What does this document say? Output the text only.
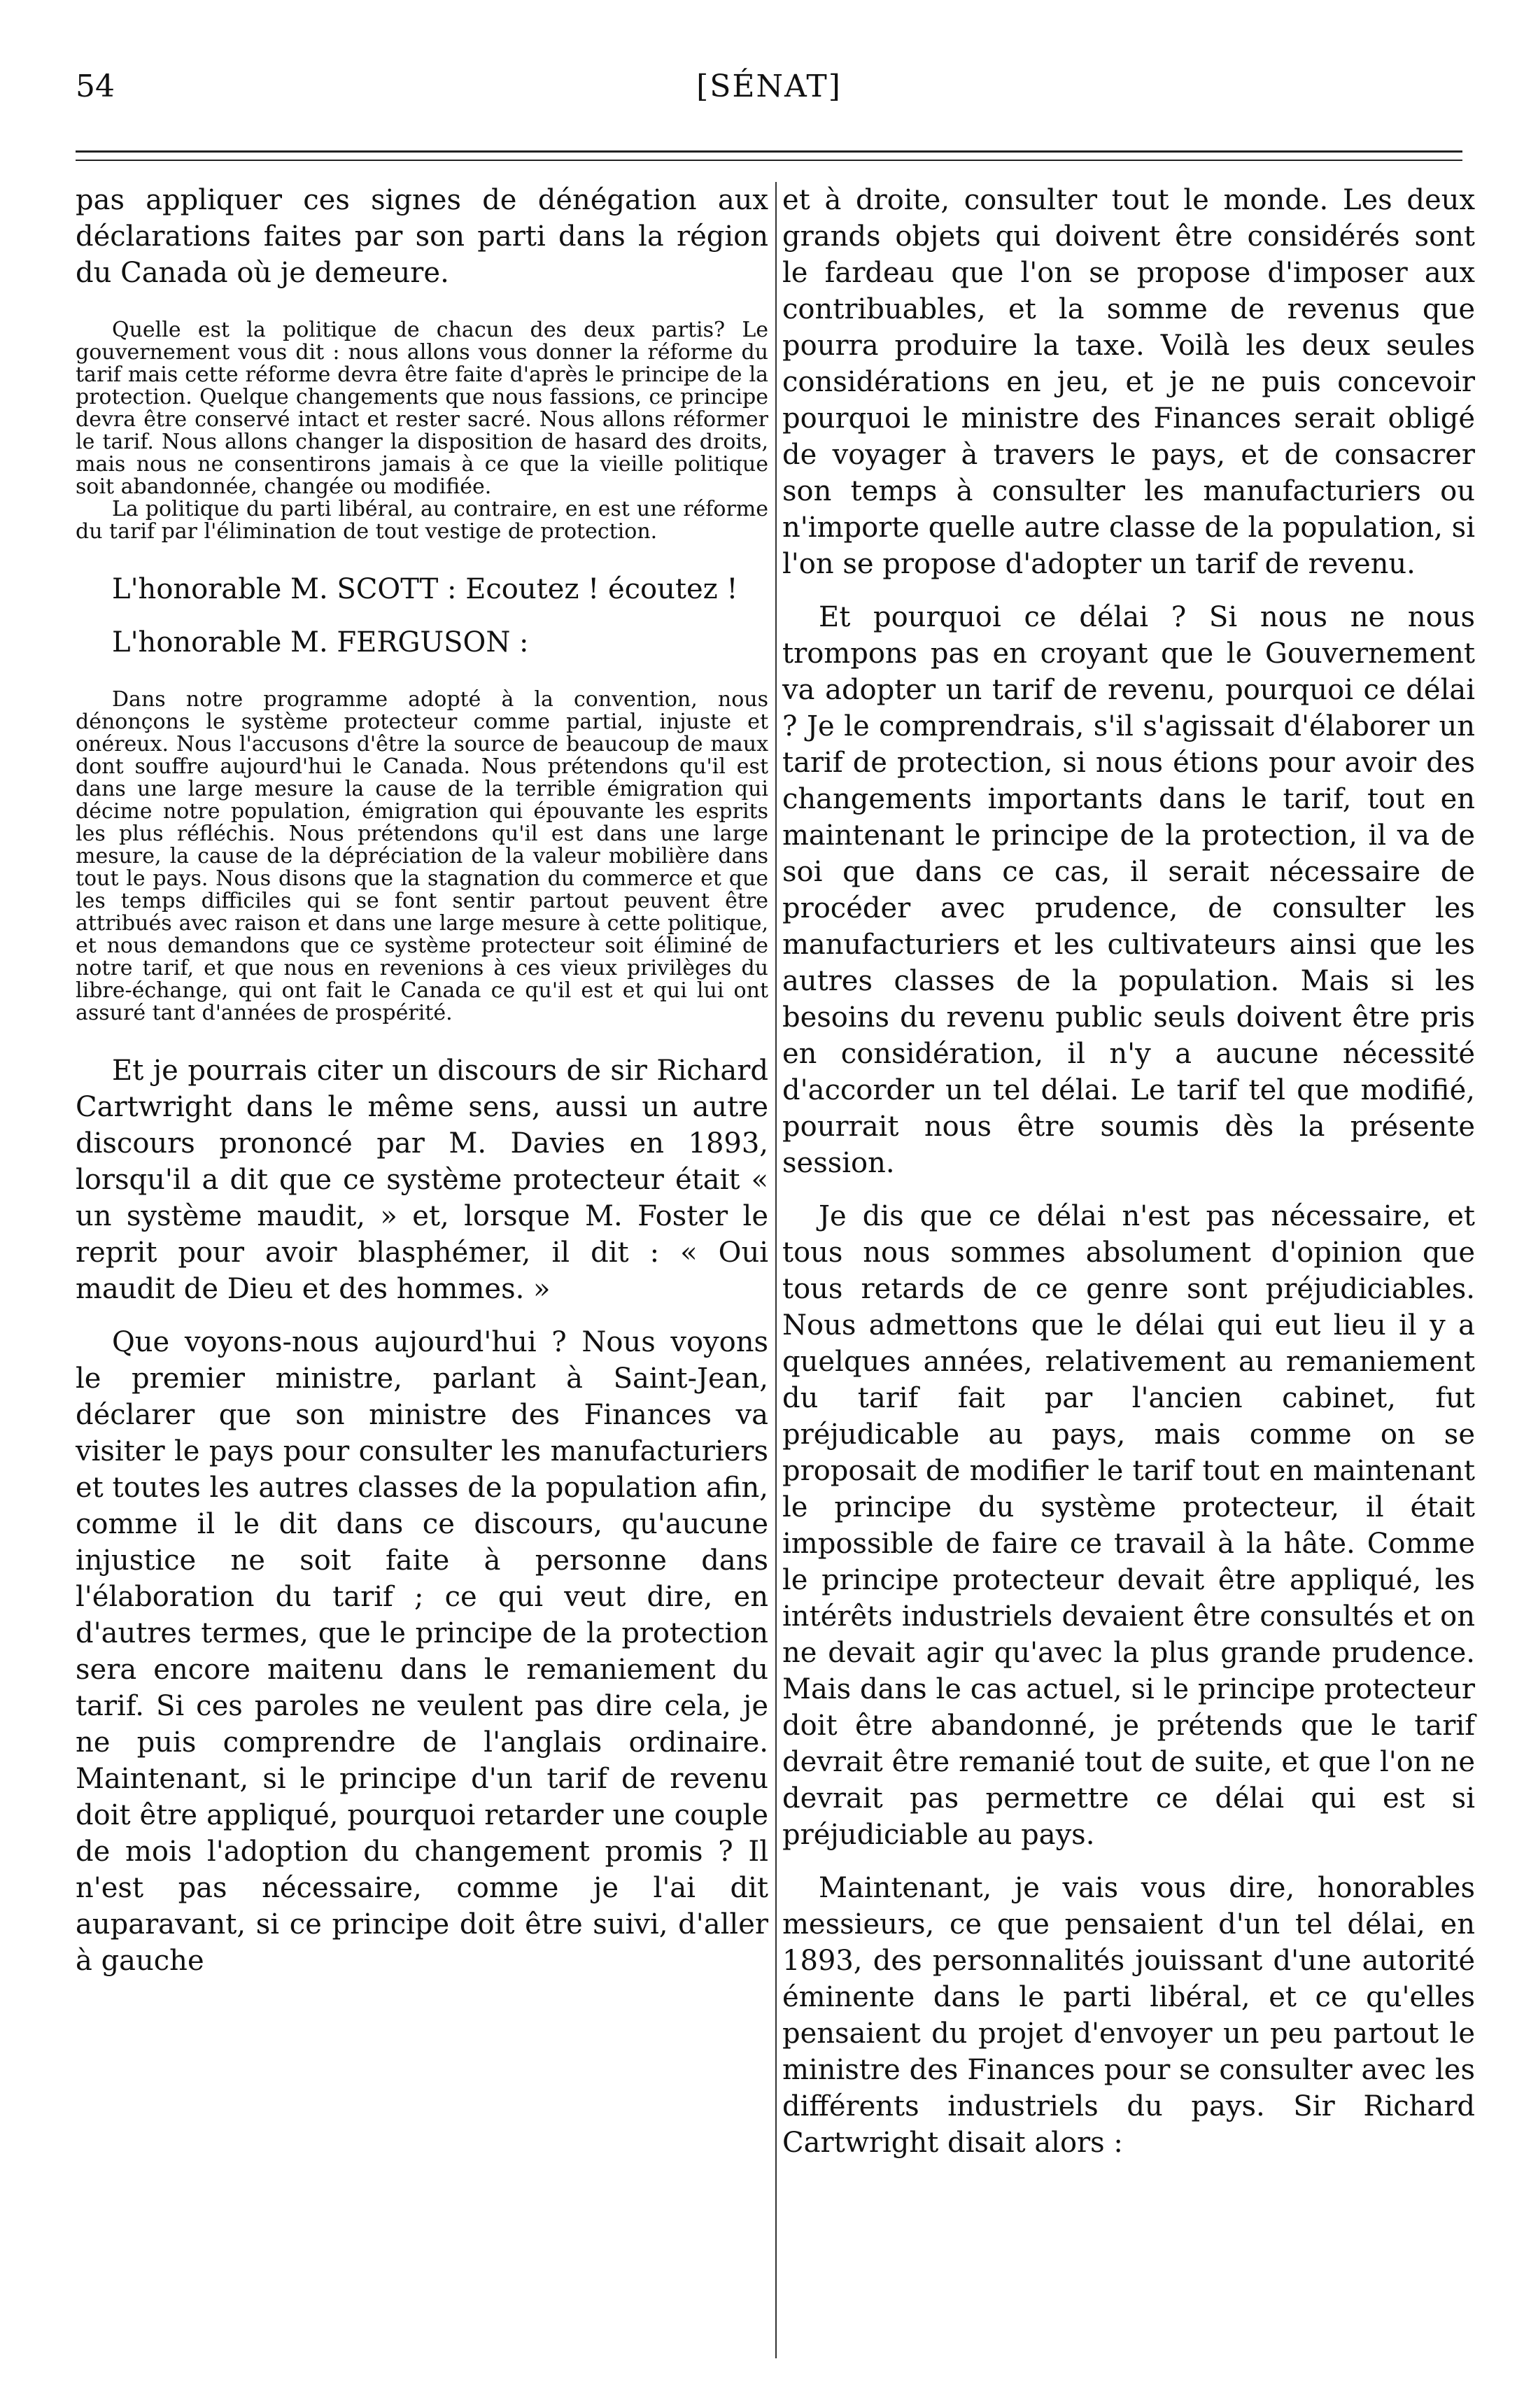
54	[SÉNAT]

pas appliquer ces signes de dénégation aux déclarations faites par son parti dans la région du Canada où je demeure.

Quelle est la politique de chacun des deux partis? Le gouvernement vous dit : nous allons vous donner la réforme du tarif mais cette réforme devra être faite d'après le principe de la protection. Quelque changements que nous fassions, ce principe devra être conservé intact et rester sacré. Nous allons réformer le tarif. Nous allons changer la disposition de hasard des droits, mais nous ne consentirons jamais à ce que la vieille politique soit abandonnée, changée ou modifiée.

La politique du parti libéral, au contraire, en est une réforme du tarif par l'élimination de tout vestige de protection.

L'honorable M. SCOTT : Ecoutez ! écoutez !

L'honorable M. FERGUSON :

Dans notre programme adopté à la convention, nous dénonçons le système protecteur comme partial, injuste et onéreux. Nous l'accusons d'être la source de beaucoup de maux dont souffre aujourd'hui le Canada. Nous prétendons qu'il est dans une large mesure la cause de la terrible émigration qui décime notre population, émigration qui épouvante les esprits les plus réfléchis. Nous prétendons qu'il est dans une large mesure, la cause de la dépréciation de la valeur mobilière dans tout le pays. Nous disons que la stagnation du commerce et que les temps difficiles qui se font sentir partout peuvent être attribués avec raison et dans une large mesure à cette politique, et nous demandons que ce système protecteur soit éliminé de notre tarif, et que nous en revenions à ces vieux privilèges du libre-échange, qui ont fait le Canada ce qu'il est et qui lui ont assuré tant d'années de prospérité.

Et je pourrais citer un discours de sir Richard Cartwright dans le même sens, aussi un autre discours prononcé par M. Davies en 1893, lorsqu'il a dit que ce système protecteur était « un système maudit, » et, lorsque M. Foster le reprit pour avoir blasphémer, il dit : « Oui maudit de Dieu et des hommes. »

Que voyons-nous aujourd'hui ? Nous voyons le premier ministre, parlant à Saint-Jean, déclarer que son ministre des Finances va visiter le pays pour consulter les manufacturiers et toutes les autres classes de la population afin, comme il le dit dans ce discours, qu'aucune injustice ne soit faite à personne dans l'élaboration du tarif ; ce qui veut dire, en d'autres termes, que le principe de la protection sera encore maitenu dans le remaniement du tarif. Si ces paroles ne veulent pas dire cela, je ne puis comprendre de l'anglais ordinaire. Maintenant, si le principe d'un tarif de revenu doit être appliqué, pourquoi retarder une couple de mois l'adoption du changement promis ? Il n'est pas nécessaire, comme je l'ai dit auparavant, si ce principe doit être suivi, d'aller à gauche

et à droite, consulter tout le monde. Les deux grands objets qui doivent être considérés sont le fardeau que l'on se propose d'imposer aux contribuables, et la somme de revenus que pourra produire la taxe. Voilà les deux seules considérations en jeu, et je ne puis concevoir pourquoi le ministre des Finances serait obligé de voyager à travers le pays, et de consacrer son temps à consulter les manufacturiers ou n'importe quelle autre classe de la population, si l'on se propose d'adopter un tarif de revenu.

Et pourquoi ce délai ? Si nous ne nous trompons pas en croyant que le Gouvernement va adopter un tarif de revenu, pourquoi ce délai ? Je le comprendrais, s'il s'agissait d'élaborer un tarif de protection, si nous étions pour avoir des changements importants dans le tarif, tout en maintenant le principe de la protection, il va de soi que dans ce cas, il serait nécessaire de procéder avec prudence, de consulter les manufacturiers et les cultivateurs ainsi que les autres classes de la population. Mais si les besoins du revenu public seuls doivent être pris en considération, il n'y a aucune nécessité d'accorder un tel délai. Le tarif tel que modifié, pourrait nous être soumis dès la présente session.

Je dis que ce délai n'est pas nécessaire, et tous nous sommes absolument d'opinion que tous retards de ce genre sont préjudiciables. Nous admettons que le délai qui eut lieu il y a quelques années, relativement au remaniement du tarif fait par l'ancien cabinet, fut préjudicable au pays, mais comme on se proposait de modifier le tarif tout en maintenant le principe du système protecteur, il était impossible de faire ce travail à la hâte. Comme le principe protecteur devait être appliqué, les intérêts industriels devaient être consultés et on ne devait agir qu'avec la plus grande prudence. Mais dans le cas actuel, si le principe protecteur doit être abandonné, je prétends que le tarif devrait être remanié tout de suite, et que l'on ne devrait pas permettre ce délai qui est si préjudiciable au pays.

Maintenant, je vais vous dire, honorables messieurs, ce que pensaient d'un tel délai, en 1893, des personnalités jouissant d'une autorité éminente dans le parti libéral, et ce qu'elles pensaient du projet d'envoyer un peu partout le ministre des Finances pour se consulter avec les différents industriels du pays. Sir Richard Cartwright disait alors :
